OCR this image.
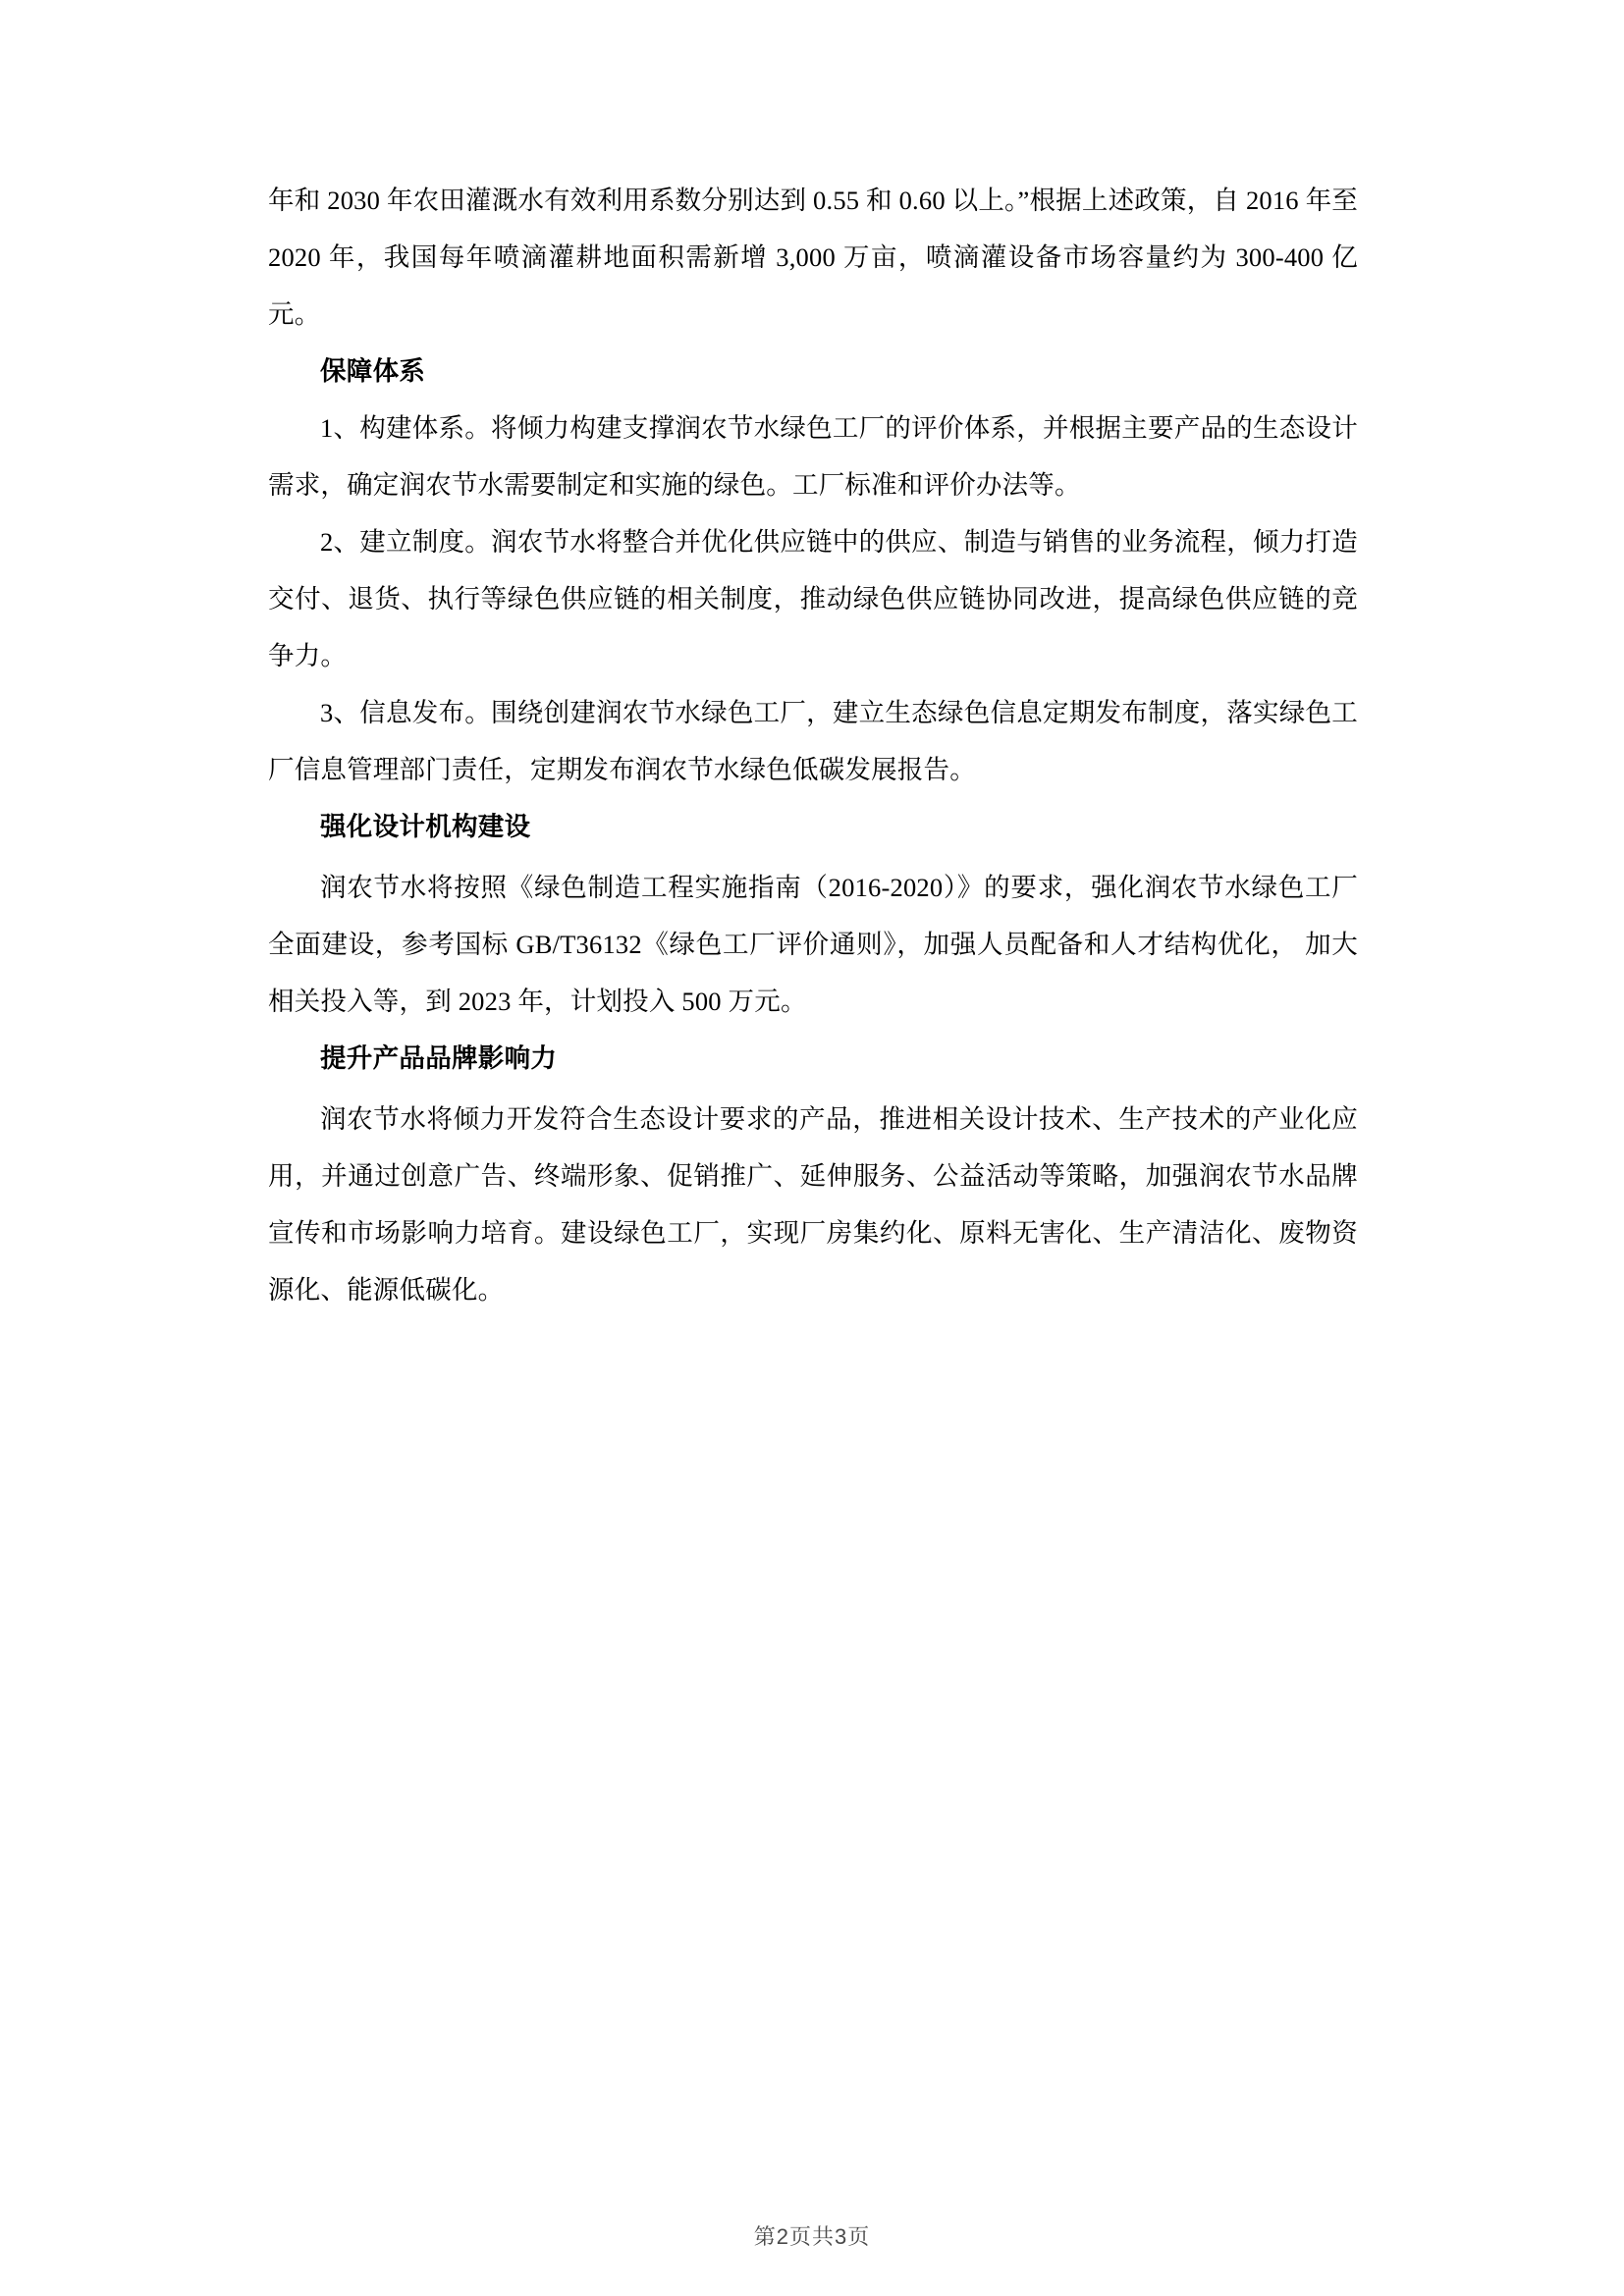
年和 2030 年农田灌溉水有效利用系数分别达到 0.55 和 0.60 以上。”根据上述政策，自 2016 年至 2020 年，我国每年喷滴灌耕地面积需新增 3,000 万亩，喷滴灌设备市场容量约为 300-400 亿元。

保障体系

1、构建体系。将倾力构建支撑润农节水绿色工厂的评价体系，并根据主要产品的生态设计需求，确定润农节水需要制定和实施的绿色。工厂标准和评价办法等。

2、建立制度。润农节水将整合并优化供应链中的供应、制造与销售的业务流程，倾力打造交付、退货、执行等绿色供应链的相关制度，推动绿色供应链协同改进，提高绿色供应链的竞争力。

3、信息发布。围绕创建润农节水绿色工厂，建立生态绿色信息定期发布制度，落实绿色工厂信息管理部门责任，定期发布润农节水绿色低碳发展报告。

强化设计机构建设

润农节水将按照《绿色制造工程实施指南（2016-2020）》的要求，强化润农节水绿色工厂全面建设，参考国标 GB/T36132《绿色工厂评价通则》，加强人员配备和人才结构优化， 加大相关投入等，到 2023 年，计划投入 500 万元。

提升产品品牌影响力

润农节水将倾力开发符合生态设计要求的产品，推进相关设计技术、生产技术的产业化应用，并通过创意广告、终端形象、促销推广、延伸服务、公益活动等策略，加强润农节水品牌宣传和市场影响力培育。建设绿色工厂，实现厂房集约化、原料无害化、生产清洁化、废物资源化、能源低碳化。

第2页共3页
